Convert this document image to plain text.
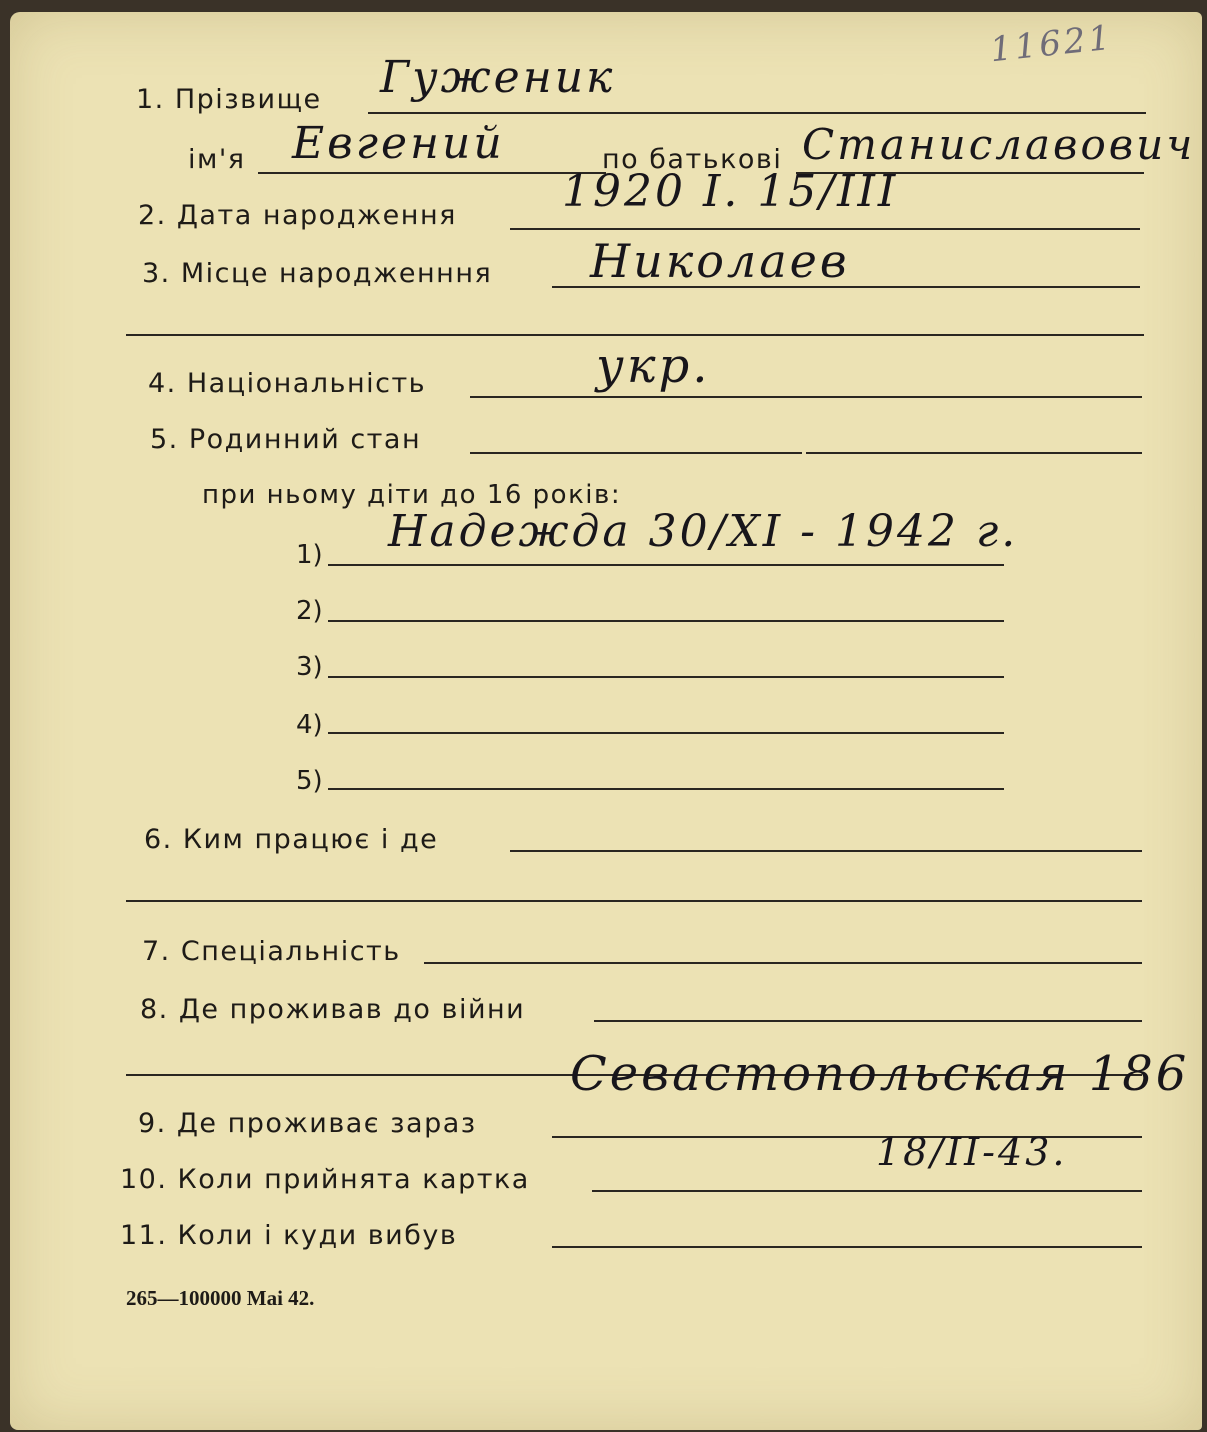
11621
1. Прізвище Гуженик
ім'я Евгений	по батькові Станиславович
2. Дата народження 1920 I. 15/III
3. Місце народженння Николаев
4. Національність	укр.
5. Родинний стан
при ньому діти до 16 років:
1) Надежда 30/XI - 1942 г.
2)
3)
4)
5)
6. Ким працює і де
7. Спеціальність
8. Де проживав до війни
9. Де проживає зараз
Севастопольская 186
10. Коли прийнята картка
18/II-43.
11. Коли і куди вибув
265—100000 Mai 42.
